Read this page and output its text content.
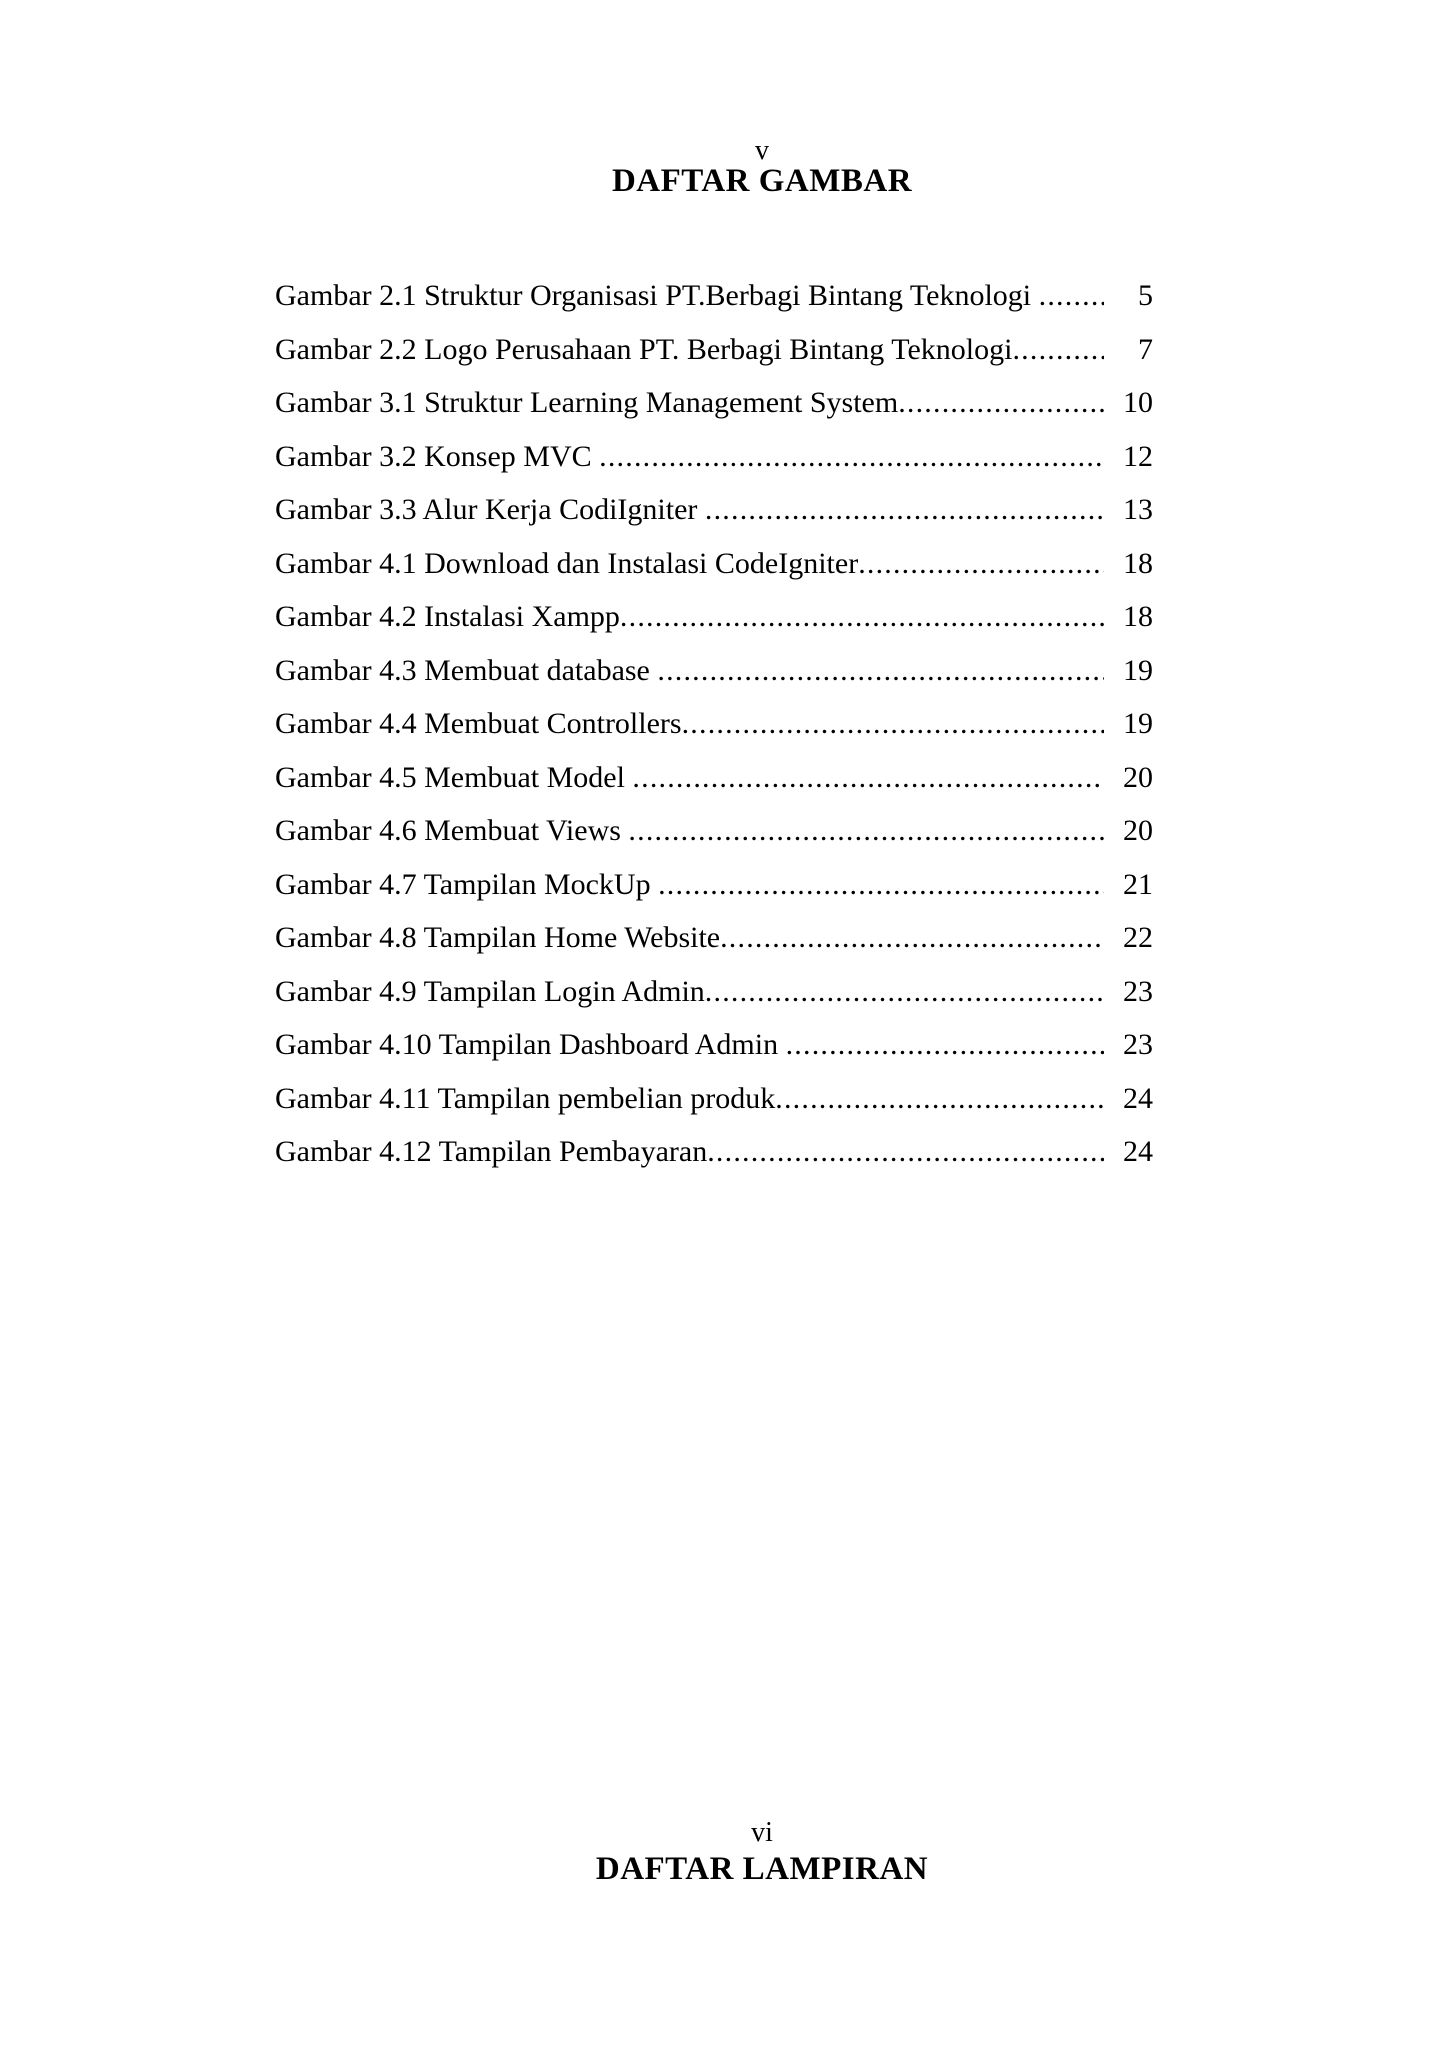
v
DAFTAR GAMBAR
Gambar 2.1 Struktur Organisasi PT.Berbagi Bintang Teknologi .....	5
Gambar 2.2 Logo Perusahaan PT. Berbagi Bintang Teknologi .....	7
Gambar 3.1 Struktur Learning Management System .....	10
Gambar 3.2 Konsep MVC .....	12
Gambar 3.3 Alur Kerja CodiIgniter .....	13
Gambar 4.1 Download dan Instalasi CodeIgniter .....	18
Gambar 4.2 Instalasi Xampp .....	18
Gambar 4.3 Membuat database .....	19
Gambar 4.4 Membuat Controllers .....	19
Gambar 4.5 Membuat Model .....	20
Gambar 4.6 Membuat Views .....	20
Gambar 4.7 Tampilan MockUp .....	21
Gambar 4.8 Tampilan Home Website .....	22
Gambar 4.9 Tampilan Login Admin .....	23
Gambar 4.10 Tampilan Dashboard Admin .....	23
Gambar 4.11 Tampilan pembelian produk .....	24
Gambar 4.12 Tampilan Pembayaran .....	24
vi
DAFTAR LAMPIRAN
